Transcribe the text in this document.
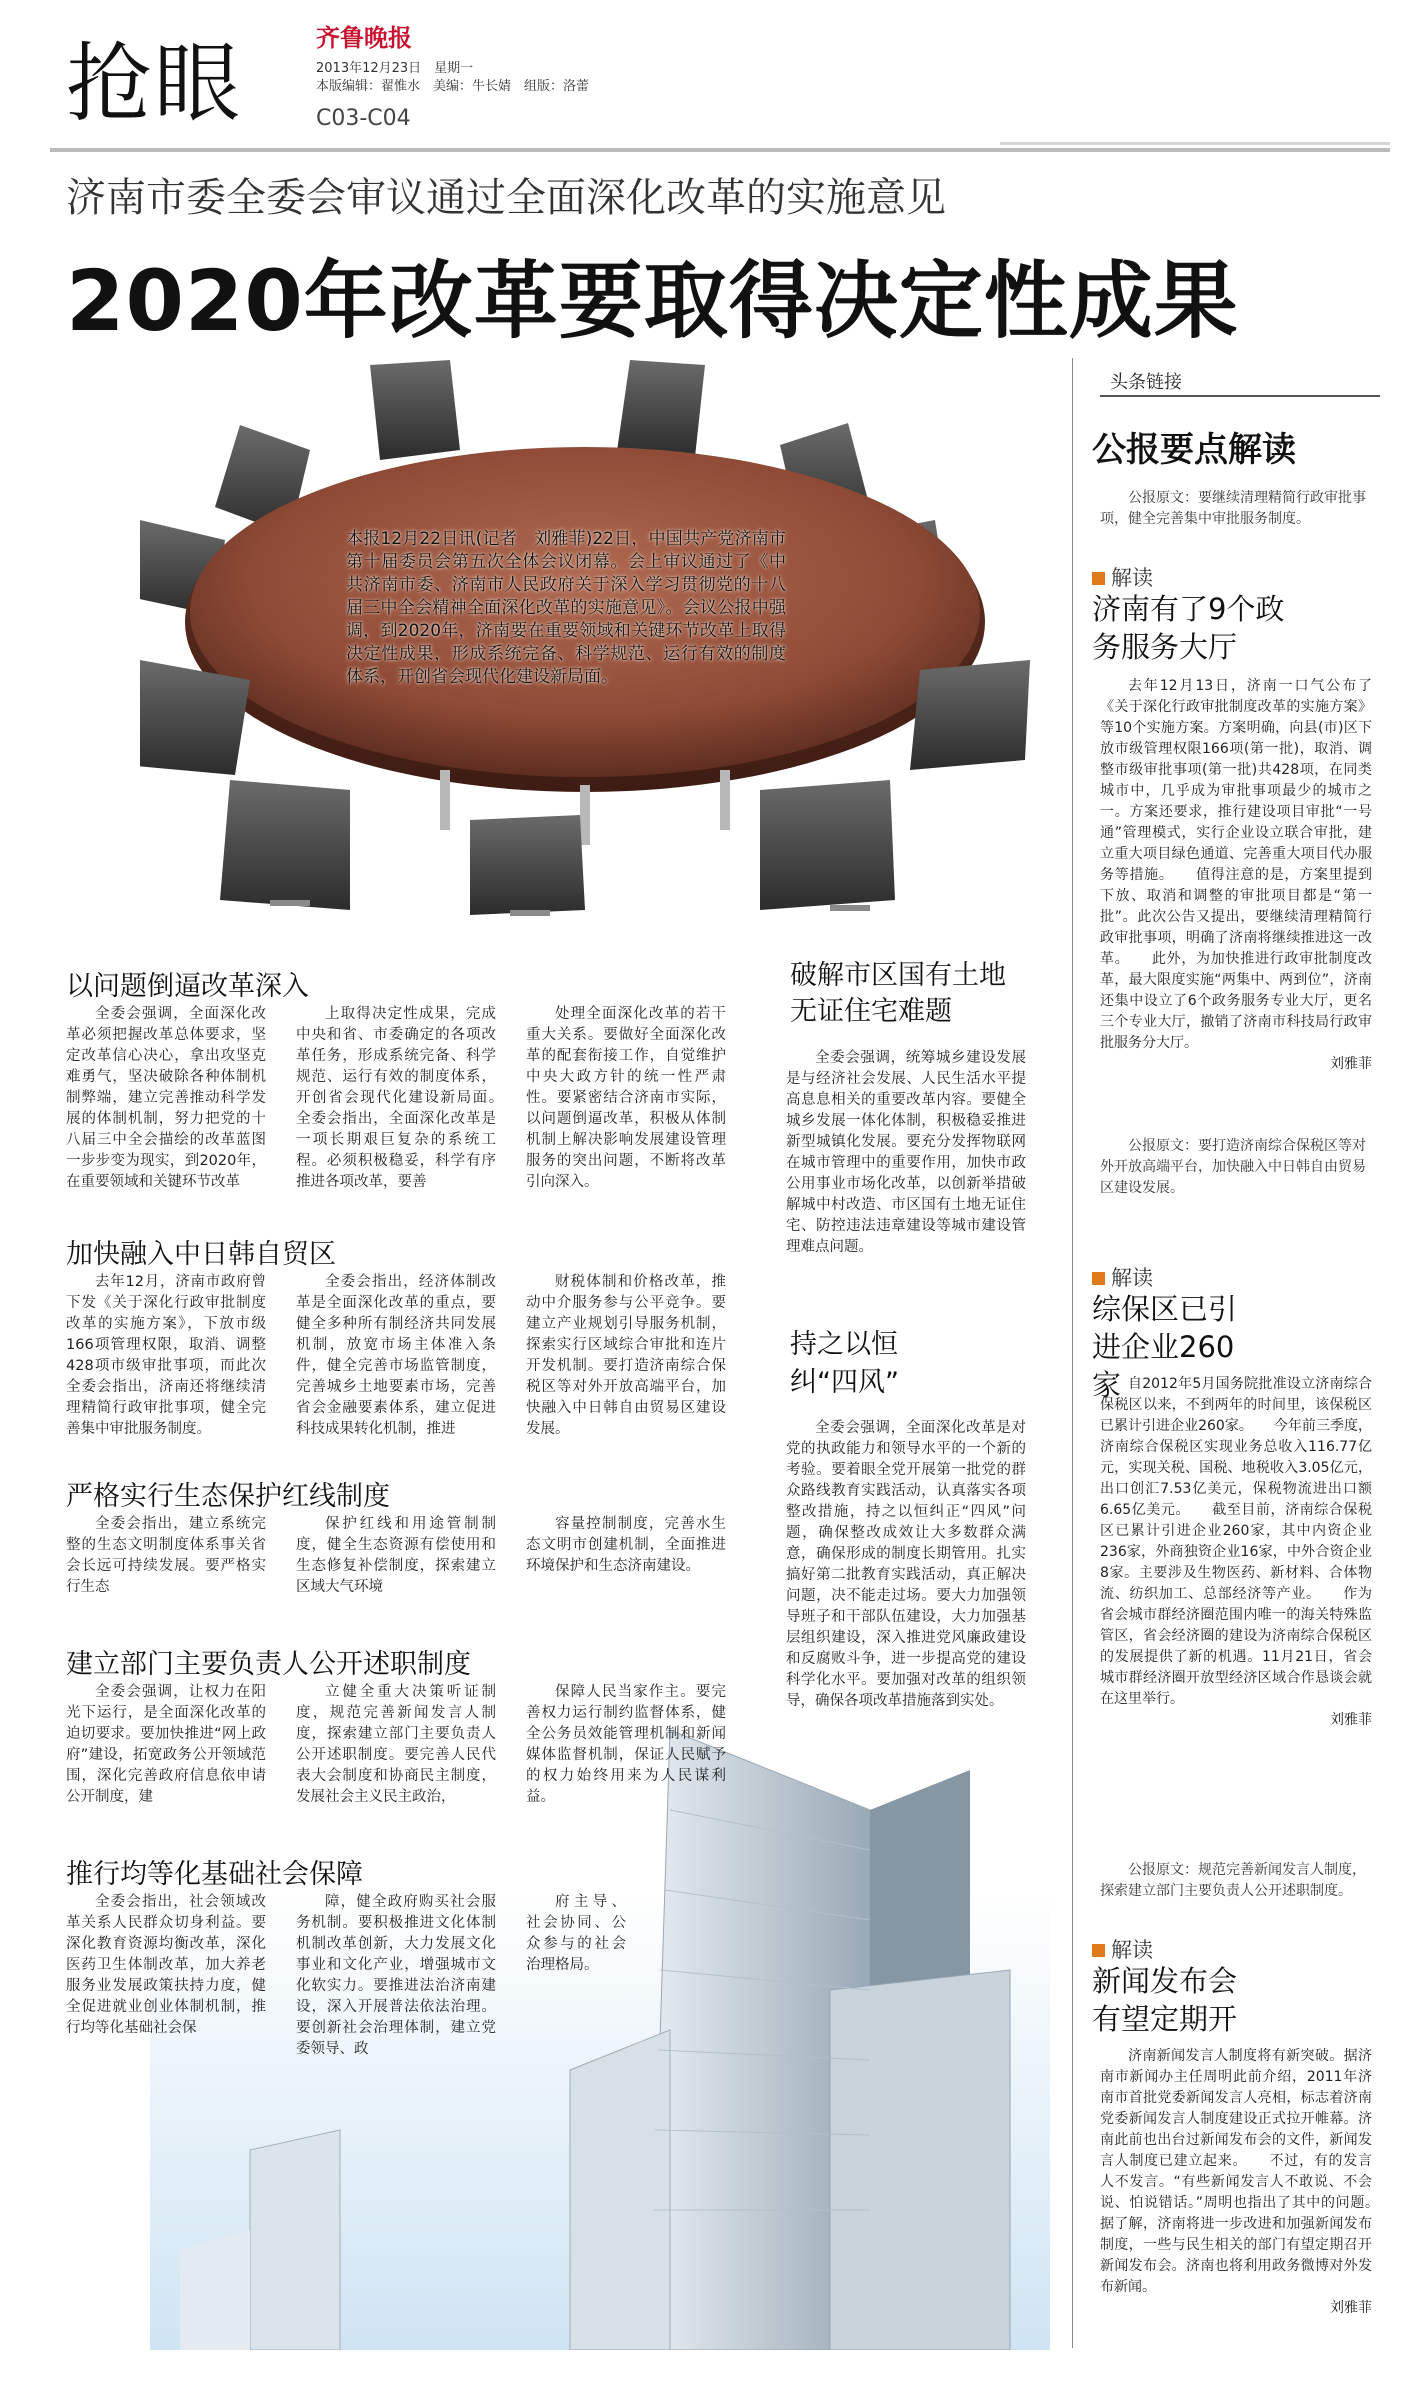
抢眼	齐鲁晚报
2013年12月23日　星期一
本版编辑：翟惟水　美编：牛长婧　组版：洛蕾
C03-C04
济南市委全委会审议通过全面深化改革的实施意见
2020年改革要取得决定性成果
本报12月22日讯(记者　刘雅菲)22日，中国共产党济南市第十届委员会第五次全体会议闭幕。会上审议通过了《中共济南市委、济南市人民政府关于深入学习贯彻党的十八届三中全会精神全面深化改革的实施意见》。会议公报中强调，到2020年，济南要在重要领域和关键环节改革上取得决定性成果，形成系统完备、科学规范、运行有效的制度体系，开创省会现代化建设新局面。
以问题倒逼改革深入
全委会强调，全面深化改革必须把握改革总体要求，坚定改革信心决心，拿出攻坚克难勇气，坚决破除各种体制机制弊端，建立完善推动科学发展的体制机制，努力把党的十八届三中全会描绘的改革蓝图一步步变为现实，到2020年，在重要领域和关键环节改革
上取得决定性成果，完成中央和省、市委确定的各项改革任务，形成系统完备、科学规范、运行有效的制度体系，开创省会现代化建设新局面。　　全委会指出，全面深化改革是一项长期艰巨复杂的系统工程。必须积极稳妥，科学有序推进各项改革，要善
处理全面深化改革的若干重大关系。要做好全面深化改革的配套衔接工作，自觉维护中央大政方针的统一性严肃性。要紧密结合济南市实际，以问题倒逼改革，积极从体制机制上解决影响发展建设管理服务的突出问题，不断将改革引向深入。
加快融入中日韩自贸区
去年12月，济南市政府曾下发《关于深化行政审批制度改革的实施方案》，下放市级166项管理权限，取消、调整428项市级审批事项，而此次全委会指出，济南还将继续清理精简行政审批事项，健全完善集中审批服务制度。
全委会指出，经济体制改革是全面深化改革的重点，要健全多种所有制经济共同发展机制，放宽市场主体准入条件，健全完善市场监管制度，完善城乡土地要素市场，完善省会金融要素体系，建立促进科技成果转化机制，推进
财税体制和价格改革，推动中介服务参与公平竞争。要建立产业规划引导服务机制，探索实行区域综合审批和连片开发机制。要打造济南综合保税区等对外开放高端平台，加快融入中日韩自由贸易区建设发展。
严格实行生态保护红线制度
全委会指出，建立系统完整的生态文明制度体系事关省会长远可持续发展。要严格实行生态
保护红线和用途管制制度，健全生态资源有偿使用和生态修复补偿制度，探索建立区域大气环境
容量控制制度，完善水生态文明市创建机制，全面推进环境保护和生态济南建设。
建立部门主要负责人公开述职制度
全委会强调，让权力在阳光下运行，是全面深化改革的迫切要求。要加快推进“网上政府”建设，拓宽政务公开领域范围，深化完善政府信息依申请公开制度，建
立健全重大决策听证制度，规范完善新闻发言人制度，探索建立部门主要负责人公开述职制度。要完善人民代表大会制度和协商民主制度，发展社会主义民主政治，
保障人民当家作主。要完善权力运行制约监督体系，健全公务员效能管理机制和新闻媒体监督机制，保证人民赋予的权力始终用来为人民谋利益。
推行均等化基础社会保障
全委会指出，社会领域改革关系人民群众切身利益。要深化教育资源均衡改革，深化医药卫生体制改革，加大养老服务业发展政策扶持力度，健全促进就业创业体制机制，推行均等化基础社会保
障，健全政府购买社会服务机制。要积极推进文化体制机制改革创新，大力发展文化事业和文化产业，增强城市文化软实力。要推进法治济南建设，深入开展普法依法治理。要创新社会治理体制，建立党委领导、政
府主导、社会协同、公众参与的社会治理格局。
破解市区国有土地无证住宅难题
全委会强调，统筹城乡建设发展是与经济社会发展、人民生活水平提高息息相关的重要改革内容。要健全城乡发展一体化体制，积极稳妥推进新型城镇化发展。要充分发挥物联网在城市管理中的重要作用，加快市政公用事业市场化改革，以创新举措破解城中村改造、市区国有土地无证住宅、防控违法违章建设等城市建设管理难点问题。
持之以恒纠“四风”
全委会强调，全面深化改革是对党的执政能力和领导水平的一个新的考验。要着眼全党开展第一批党的群众路线教育实践活动，认真落实各项整改措施，持之以恒纠正“四风”问题，确保整改成效让大多数群众满意，确保形成的制度长期管用。扎实搞好第二批教育实践活动，真正解决问题，决不能走过场。要大力加强领导班子和干部队伍建设，大力加强基层组织建设，深入推进党风廉政建设和反腐败斗争，进一步提高党的建设科学化水平。要加强对改革的组织领导，确保各项改革措施落到实处。
头条链接
公报要点解读
公报原文：要继续清理精简行政审批事项，健全完善集中审批服务制度。
解读
济南有了9个政务服务大厅

去年12月13日，济南一口气公布了《关于深化行政审批制度改革的实施方案》等10个实施方案。方案明确，向县(市)区下放市级管理权限166项(第一批)，取消、调整市级审批事项(第一批)共428项，在同类城市中，几乎成为审批事项最少的城市之一。方案还要求，推行建设项目审批“一号通”管理模式，实行企业设立联合审批，建立重大项目绿色通道、完善重大项目代办服务等措施。　　值得注意的是，方案里提到下放、取消和调整的审批项目都是“第一批”。此次公告又提出，要继续清理精简行政审批事项，明确了济南将继续推进这一改革。　　此外，为加快推进行政审批制度改革，最大限度实施“两集中、两到位”，济南还集中设立了6个政务服务专业大厅，更名三个专业大厅，撤销了济南市科技局行政审批服务分大厅。

刘雅菲

公报原文：要打造济南综合保税区等对外开放高端平台，加快融入中日韩自由贸易区建设发展。
解读
综保区已引进企业260家 自2012年5月国务院批准设立济南综合保税区以来，不到两年的时间里，该保税区已累计引进企业260家。　　今年前三季度，济南综合保税区实现业务总收入116.77亿元，实现关税、国税、地税收入3.05亿元，出口创汇7.53亿美元，保税物流进出口额6.65亿美元。　　截至目前，济南综合保税区已累计引进企业260家，其中内资企业236家，外商独资企业16家，中外合资企业8家。主要涉及生物医药、新材料、合体物流、纺织加工、总部经济等产业。　　作为省会城市群经济圈范围内唯一的海关特殊监管区，省会经济圈的建设为济南综合保税区的发展提供了新的机遇。11月21日，省会城市群经济圈开放型经济区域合作恳谈会就在这里举行。

刘雅菲

公报原文：规范完善新闻发言人制度，探索建立部门主要负责人公开述职制度。
解读
新闻发布会有望定期开

济南新闻发言人制度将有新突破。据济南市新闻办主任周明此前介绍，2011年济南市首批党委新闻发言人亮相，标志着济南党委新闻发言人制度建设正式拉开帷幕。济南此前也出台过新闻发布会的文件，新闻发言人制度已建立起来。　　不过，有的发言人不发言。“有些新闻发言人不敢说、不会说、怕说错话。”周明也指出了其中的问题。　　据了解，济南将进一步改进和加强新闻发布制度，一些与民生相关的部门有望定期召开新闻发布会。济南也将利用政务微博对外发布新闻。

刘雅菲
